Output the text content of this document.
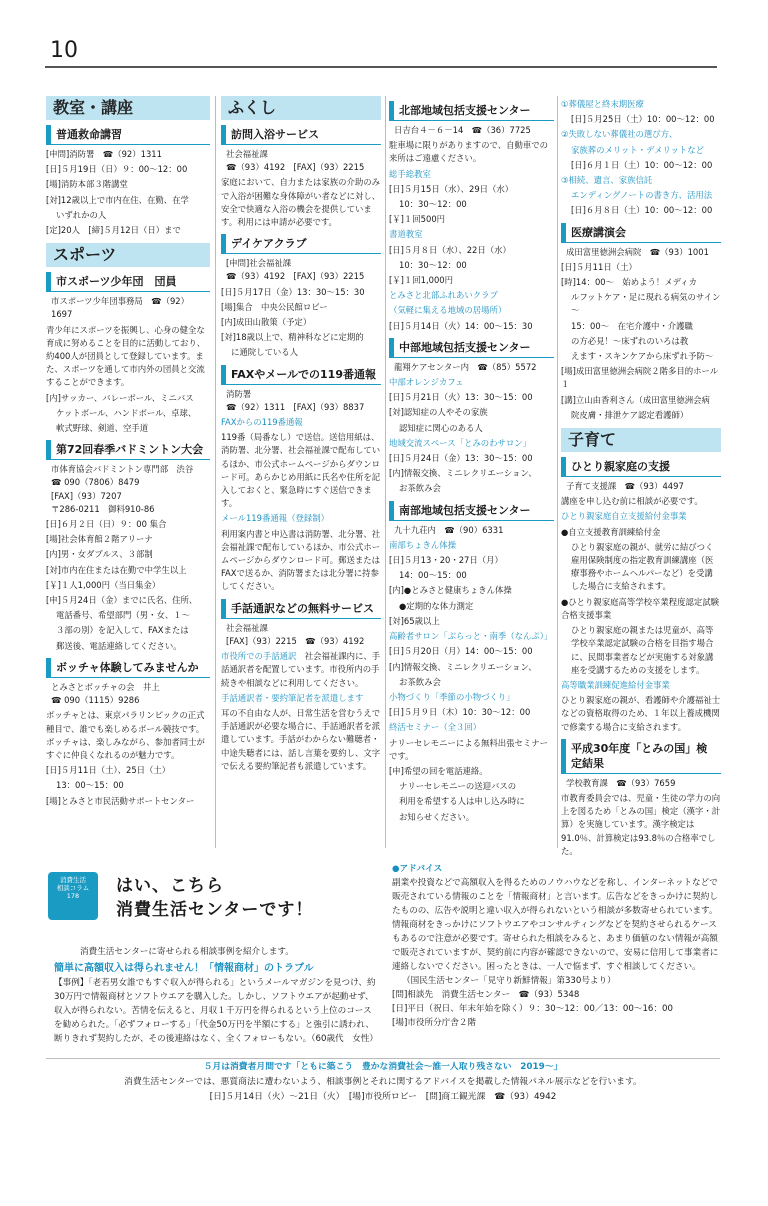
10
教室・講座
普通救命講習
[申問]消防署　☎（92）1311
[日]５月19日（日）９：00～12：00
[場]消防本部３階講堂
[対]12歳以上で市内在住、在勤、在学
いずれかの人
[定]20人　[締]５月12日（日）まで
スポーツ
市スポーツ少年団　団員
市スポーツ少年団事務局　☎（92）1697
青少年にスポーツを振興し、心身の健全な育成に努めることを目的に活動しており、約400人が団員として登録しています。また、スポーツを通して市内外の団員と交流することができます。
[内]サッカー、バレーボール、ミニバス
ケットボール、ハンドボール、卓球、
軟式野球、剣道、空手道
第72回春季バドミントン大会
市体育協会バドミントン専門部　渋谷
☎ 090（7806）8479
[FAX]（93）7207
〒286-0211　御料910-86
[日]６月２日（日）９：00 集合
[場]社会体育館２階アリーナ
[内]男・女ダブルス、３部制
[対]市内在住または在勤で中学生以上
[￥]１人1,000円（当日集金）
[申]５月24日（金）までに氏名、住所、
電話番号、希望部門（男・女、１～
３部の別）を記入して、FAXまたは
郵送後、電話連絡してください。
ボッチャ体験してみませんか
とみさとボッチャの会　井上
☎ 090（1115）9286
ボッチャとは、東京パラリンピックの正式種目で、誰でも楽しめるボール競技です。ボッチャは、楽しみながら、参加者同士がすぐに仲良くなれるのが魅力です。
[日]５月11日（土）、25日（土）
13：00～15：00
[場]とみさと市民活動サポートセンター
ふくし
訪問入浴サービス
社会福祉課
☎（93）4192　[FAX]（93）2215
家庭において、自力または家族の介助のみで入浴が困難な身体障がい者などに対し、安全で快適な入浴の機会を提供しています。利用には申請が必要です。
デイケアクラブ
[申問]社会福祉課
☎（93）4192　[FAX]（93）2215
[日]５月17日（金）13：30～15：30
[場]集合　中央公民館ロビー
[内]成田山散策（予定）
[対]18歳以上で、精神科などに定期的
に通院している人
FAXやメールでの119番通報
消防署
☎（92）1311　[FAX]（93）8837
FAXからの119番通報
119番（局番なし）で送信。送信用紙は、消防署、北分署、社会福祉課で配布しているほか、市公式ホームページからダウンロード可。あらかじめ用紙に氏名や住所を記入しておくと、緊急時にすぐ送信できます。
メール119番通報（登録制）
利用案内書と申込書は消防署、北分署、社会福祉課で配布しているほか、市公式ホームページからダウンロード可。郵送またはFAXで送るか、消防署または北分署に持参してください。
手話通訳などの無料サービス
社会福祉課
[FAX]（93）2215　☎（93）4192
市役所での手話通訳　 社会福祉課内に、手話通訳者を配置しています。市役所内の手続きや相談などに利用してください。
手話通訳者・要約筆記者を派遣します
耳の不自由な人が、日常生活を営むうえで手話通訳が必要な場合に、手話通訳者を派遣しています。手話がわからない難聴者・中途失聴者には、話し言葉を要約し、文字で伝える要約筆記者も派遣しています。
北部地域包括支援センター
日吉台４－６－14　☎（36）7725
駐車場に限りがありますので、自動車での来所はご遠慮ください。
総手総教室
[日]５月15日（水）、29日（水）
10：30～12：00
[￥]１回500円
書道教室
[日]５月８日（水）、22日（水）
10：30～12：00
[￥]１回1,000円
とみさと北部ふれあいクラブ
（気軽に集える地域の居場所）
[日]５月14日（火）14：00～15：30
中部地域包括支援センター
龍翔ケアセンター内　☎（85）5572
中部オレンジカフェ
[日]５月21日（火）13：30～15：00
[対]認知症の人やその家族
認知症に関心のある人
地域交流スペース「とみのわサロン」
[日]５月24日（金）13：30～15：00
[内]情報交換、ミニレクリエーション、
お茶飲み会
南部地域包括支援センター
九十九荘内　☎（90）6331
南部ちょきん体操
[日]５月13・20・27日（月）
14：00～15：00
[内]●とみさと健康ちょきん体操
●定期的な体力測定
[対]65歳以上
高齢者サロン「ぶらっと・南季（なんぷ）」
[日]５月20日（月）14：00～15：00
[内]情報交換、ミニレクリエーション、
お茶飲み会
小物づくり「季節の小物づくり」
[日]５月９日（木）10：30～12：00
終活セミナー（全３回）
ナリーセレモニーによる無料出張セミナーです。
[申]希望の回を電話連絡。
ナリーセレモニーの送迎バスの
利用を希望する人は申し込み時に
お知らせください。
①葬儀屋と終末期医療
[日]５月25日（土）10：00～12：00
②失敗しない葬儀社の選び方、
家族葬のメリット・デメリットなど
[日]６月１日（土）10：00～12：00
③相続、遺言、家族信託
エンディングノートの書き方、活用法
[日]６月８日（土）10：00～12：00
医療講演会
成田富里徳洲会病院　☎（93）1001
[日]５月11日（土）
[時]14：00～　始めよう！メディカ
ルフットケア・足に現れる病気のサイン～
15：00～　在宅介護中・介護職
の方必見！～床ずれのいろは教
えます・スキンケアから床ずれ予防～
[場]成田富里徳洲会病院２階多目的ホール１
[講]立山由香利さん（成田富里徳洲会病
院皮膚・排泄ケア認定看護師）
子育て
ひとり親家庭の支援
子育て支援課　☎（93）4497
講座を申し込む前に相談が必要です。
ひとり親家庭自立支援給付金事業
●自立支援教育訓練給付金
ひとり親家庭の親が、就労に結びつく雇用保険制度の指定教育訓練講座（医療事務やホームヘルパーなど）を受講した場合に支給されます。
●ひとり親家庭高等学校卒業程度認定試験合格支援事業
ひとり親家庭の親または児童が、高等学校卒業認定試験の合格を目指す場合に、民間事業者などが実施する対象講座を受講するための支援をします。
高等職業訓練促進給付金事業
ひとり親家庭の親が、看護師や介護福祉士などの資格取得のため、１年以上養成機関で修業する場合に支給されます。
平成30年度「とみの国」検定結果
学校教育課　☎（93）7659
市教育委員会では、児童・生徒の学力の向上を図るため「とみの国」検定（漢字・計算）を実施しています。漢字検定は91.0％、計算検定は93.8％の合格率でした。
消費生活
相談コラム
178	はい、こちら
消費生活センターです！
消費生活センターに寄せられる相談事例を紹介します。
簡単に高額収入は得られません！「情報商材」のトラブル
【事例】「老若男女誰でもすぐ収入が得られる」というメールマガジンを見つけ、約30万円で情報商材とソフトウエアを購入した。しかし、ソフトウエアが起動せず、収入が得られない。苦情を伝えると、月収１千万円を得られるという上位のコースを勧められた。「必ずフォローする」「代金50万円を半額にする」と強引に誘われ、断りきれず契約したが、その後連絡はなく、全くフォローもない。（60歳代　女性）
●アドバイス
副業や投資などで高額収入を得るためのノウハウなどを称し、インターネットなどで販売されている情報のことを「情報商材」と言います。広告などをきっかけに契約したものの、広告や説明と違い収入が得られないという相談が多数寄せられています。情報商材をきっかけにソフトウエアやコンサルティングなどを契約させられるケースもあるので注意が必要です。寄せられた相談をみると、あまり価値のない情報が高額で販売されていますが、契約前に内容が確認できないので、安易に信用して事業者に連絡しないでください。困ったときは、一人で悩まず、すぐ相談してください。
（国民生活センター「見守り新鮮情報」第330号より）
[問]相談先　消費生活センター　☎（93）5348
[日]平日（祝日、年末年始を除く）９：30～12：00／13：00～16：00
[場]市役所分庁舎２階
５月は消費者月間です「ともに築こう　豊かな消費社会～誰一人取り残さない　2019～」
消費生活センターでは、悪質商法に遭わないよう、相談事例とそれに関するアドバイスを掲載した情報パネル展示などを行います。
[日]５月14日（火）～21日（火）　[場]市役所ロビー　[問]商工観光課　☎（93）4942
